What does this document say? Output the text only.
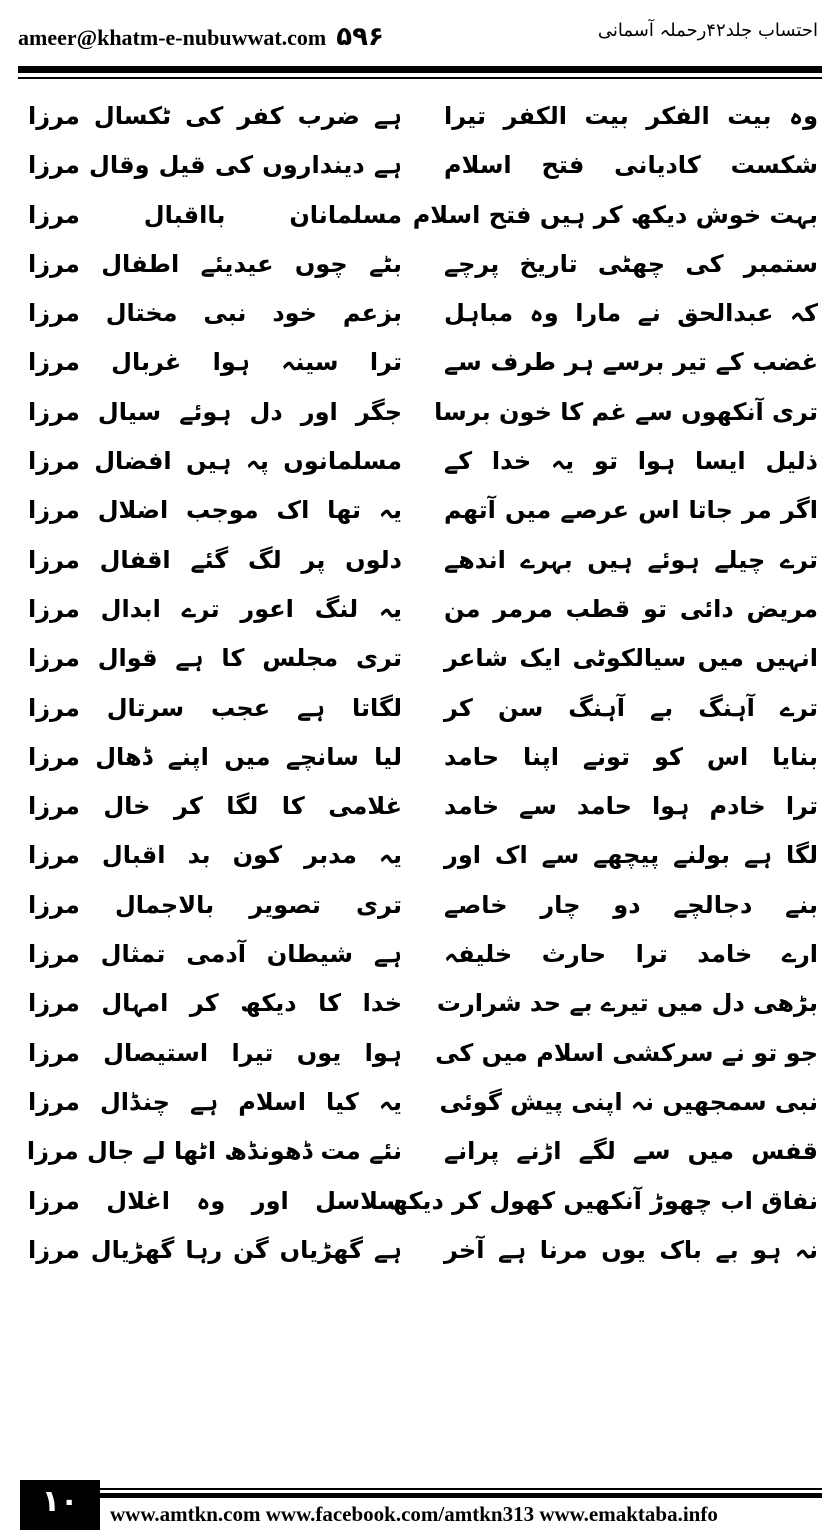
ameer@khatm-e-nubuwwat.com ۵۹۶	احتساب جلد۴۲رحملہ آسمانی
وہ بیت الفکر بیت الکفر تیرا
ہے ضرب کفر کی ٹکسال مرزا
شکست کادیانی فتح اسلام
ہے دینداروں کی قیل وقال مرزا
بہت خوش دیکھ کر ہیں فتح اسلام
مسلمانان بااقبال مرزا
ستمبر کی چھٹی تاریخ پرچے
بٹے چوں عیدیئے اطفال مرزا
کہ عبدالحق نے مارا وہ مباہل
بزعم خود نبی مختال مرزا
غضب کے تیر برسے ہر طرف سے
ترا سینہ ہوا غربال مرزا
تری آنکھوں سے غم کا خون برسا
جگر اور دل ہوئے سیال مرزا
ذلیل ایسا ہوا تو یہ خدا کے
مسلمانوں پہ ہیں افضال مرزا
اگر مر جاتا اس عرصے میں آتھم
یہ تھا اک موجب اضلال مرزا
ترے چیلے ہوئے ہیں بہرے اندھے
دلوں پر لگ گئے اقفال مرزا
مریض دائی تو قطب مرمر من
یہ لنگ اعور ترے ابدال مرزا
انہیں میں سیالکوٹی ایک شاعر
تری مجلس کا ہے قوال مرزا
ترے آہنگ بے آہنگ سن کر
لگاتا ہے عجب سرتال مرزا
بنایا اس کو تونے اپنا حامد
لیا سانچے میں اپنے ڈھال مرزا
ترا خادم ہوا حامد سے خامد
غلامی کا لگا کر خال مرزا
لگا ہے بولنے پیچھے سے اک اور
یہ مدبر کون بد اقبال مرزا
بنے دجالچے دو چار خاصے
تری تصویر بالاجمال مرزا
ارے خامد ترا حارث خلیفہ
ہے شیطان آدمی تمثال مرزا
بڑھی دل میں تیرے بے حد شرارت
خدا کا دیکھ کر امہال مرزا
جو تو نے سرکشی اسلام میں کی
ہوا یوں تیرا استیصال مرزا
نبی سمجھیں نہ اپنی پیش گوئی
یہ کیا اسلام ہے چنڈال مرزا
قفس میں سے لگے اڑنے پرانے
نئے مت ڈھونڈھ اٹھا لے جال مرزا
نفاق اب چھوڑ آنکھیں کھول کر دیکھ
سلاسل اور وہ اغلال مرزا
نہ ہو بے باک یوں مرنا ہے آخر
ہے گھڑیاں گن رہا گھڑیال مرزا
۱۰	www.amtkn.com www.facebook.com/amtkn313 www.emaktaba.info
